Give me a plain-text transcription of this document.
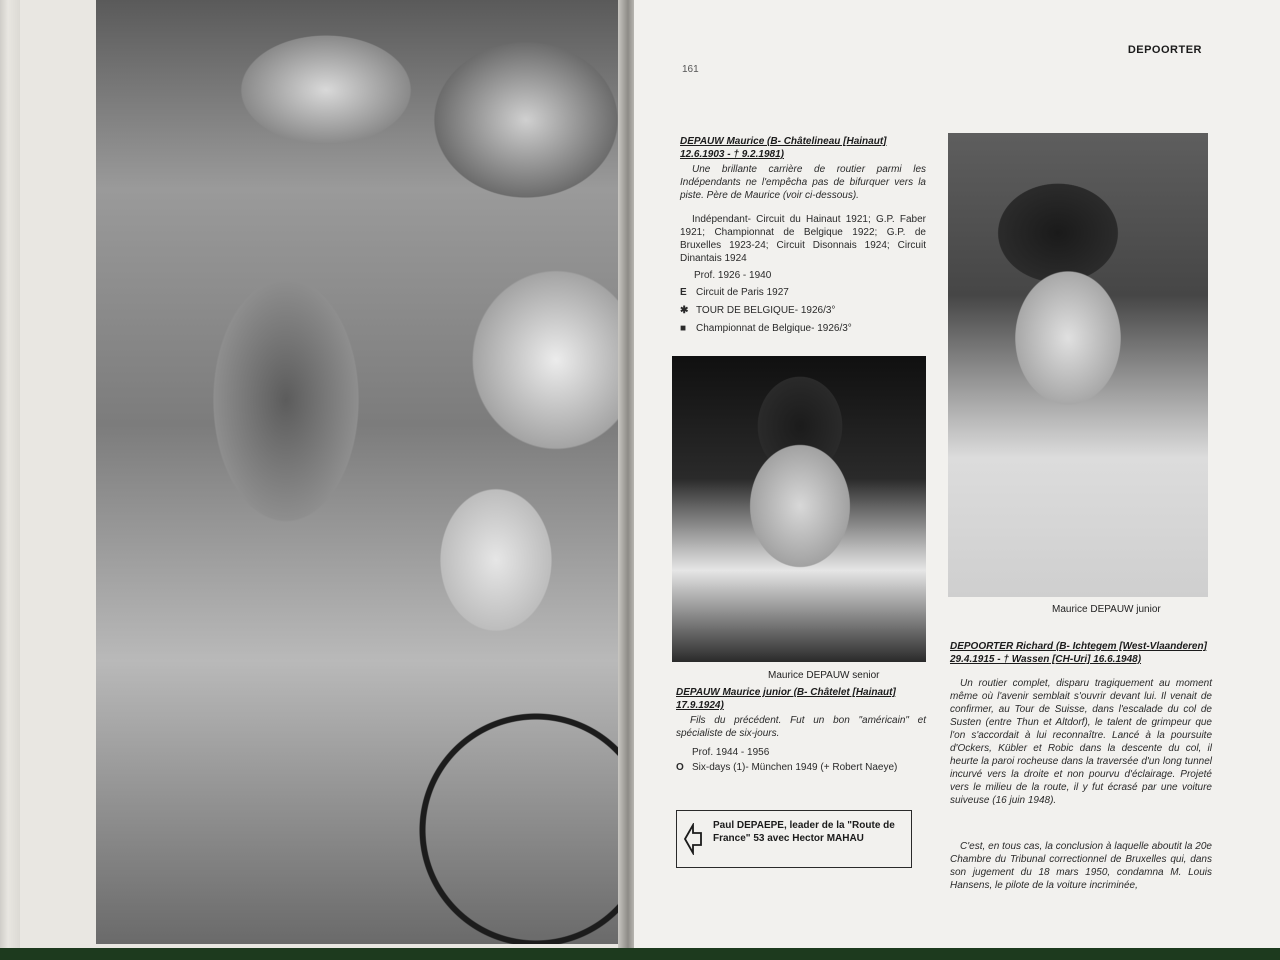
DEPOORTER
161
DEPAUW Maurice (B- Châtelineau [Hainaut] 12.6.1903 - † 9.2.1981)
Une brillante carrière de routier parmi les Indépendants ne l'empêcha pas de bifurquer vers la piste. Père de Maurice (voir ci-dessous).
Indépendant- Circuit du Hainaut 1921; G.P. Faber 1921; Championnat de Belgique 1922; G.P. de Bruxelles 1923-24; Circuit Disonnais 1924; Circuit Dinantais 1924
Prof. 1926 - 1940
E Circuit de Paris 1927
✱ TOUR DE BELGIQUE- 1926/3°
■ Championnat de Belgique- 1926/3°
Maurice DEPAUW senior
Maurice DEPAUW junior
DEPAUW Maurice junior (B- Châtelet [Hainaut] 17.9.1924)
Fils du précédent. Fut un bon "américain" et spécialiste de six-jours.
Prof. 1944 - 1956
O Six-days (1)- München 1949 (+ Robert Naeye)
Paul DEPAEPE, leader de la "Route de France" 53 avec Hector MAHAU
DEPOORTER Richard (B- Ichtegem [West-Vlaanderen] 29.4.1915 - † Wassen [CH-Uri] 16.6.1948)
Un routier complet, disparu tragiquement au moment même où l'avenir semblait s'ouvrir devant lui. Il venait de confirmer, au Tour de Suisse, dans l'escalade du col de Susten (entre Thun et Altdorf), le talent de grimpeur que l'on s'accordait à lui reconnaître. Lancé à la poursuite d'Ockers, Kübler et Robic dans la descente du col, il heurte la paroi rocheuse dans la traversée d'un long tunnel incurvé vers la droite et non pourvu d'éclairage. Projeté vers le milieu de la route, il y fut écrasé par une voiture suiveuse (16 juin 1948).
C'est, en tous cas, la conclusion à laquelle aboutit la 20e Chambre du Tribunal correctionnel de Bruxelles qui, dans son jugement du 18 mars 1950, condamna M. Louis Hansens, le pilote de la voiture incriminée,
